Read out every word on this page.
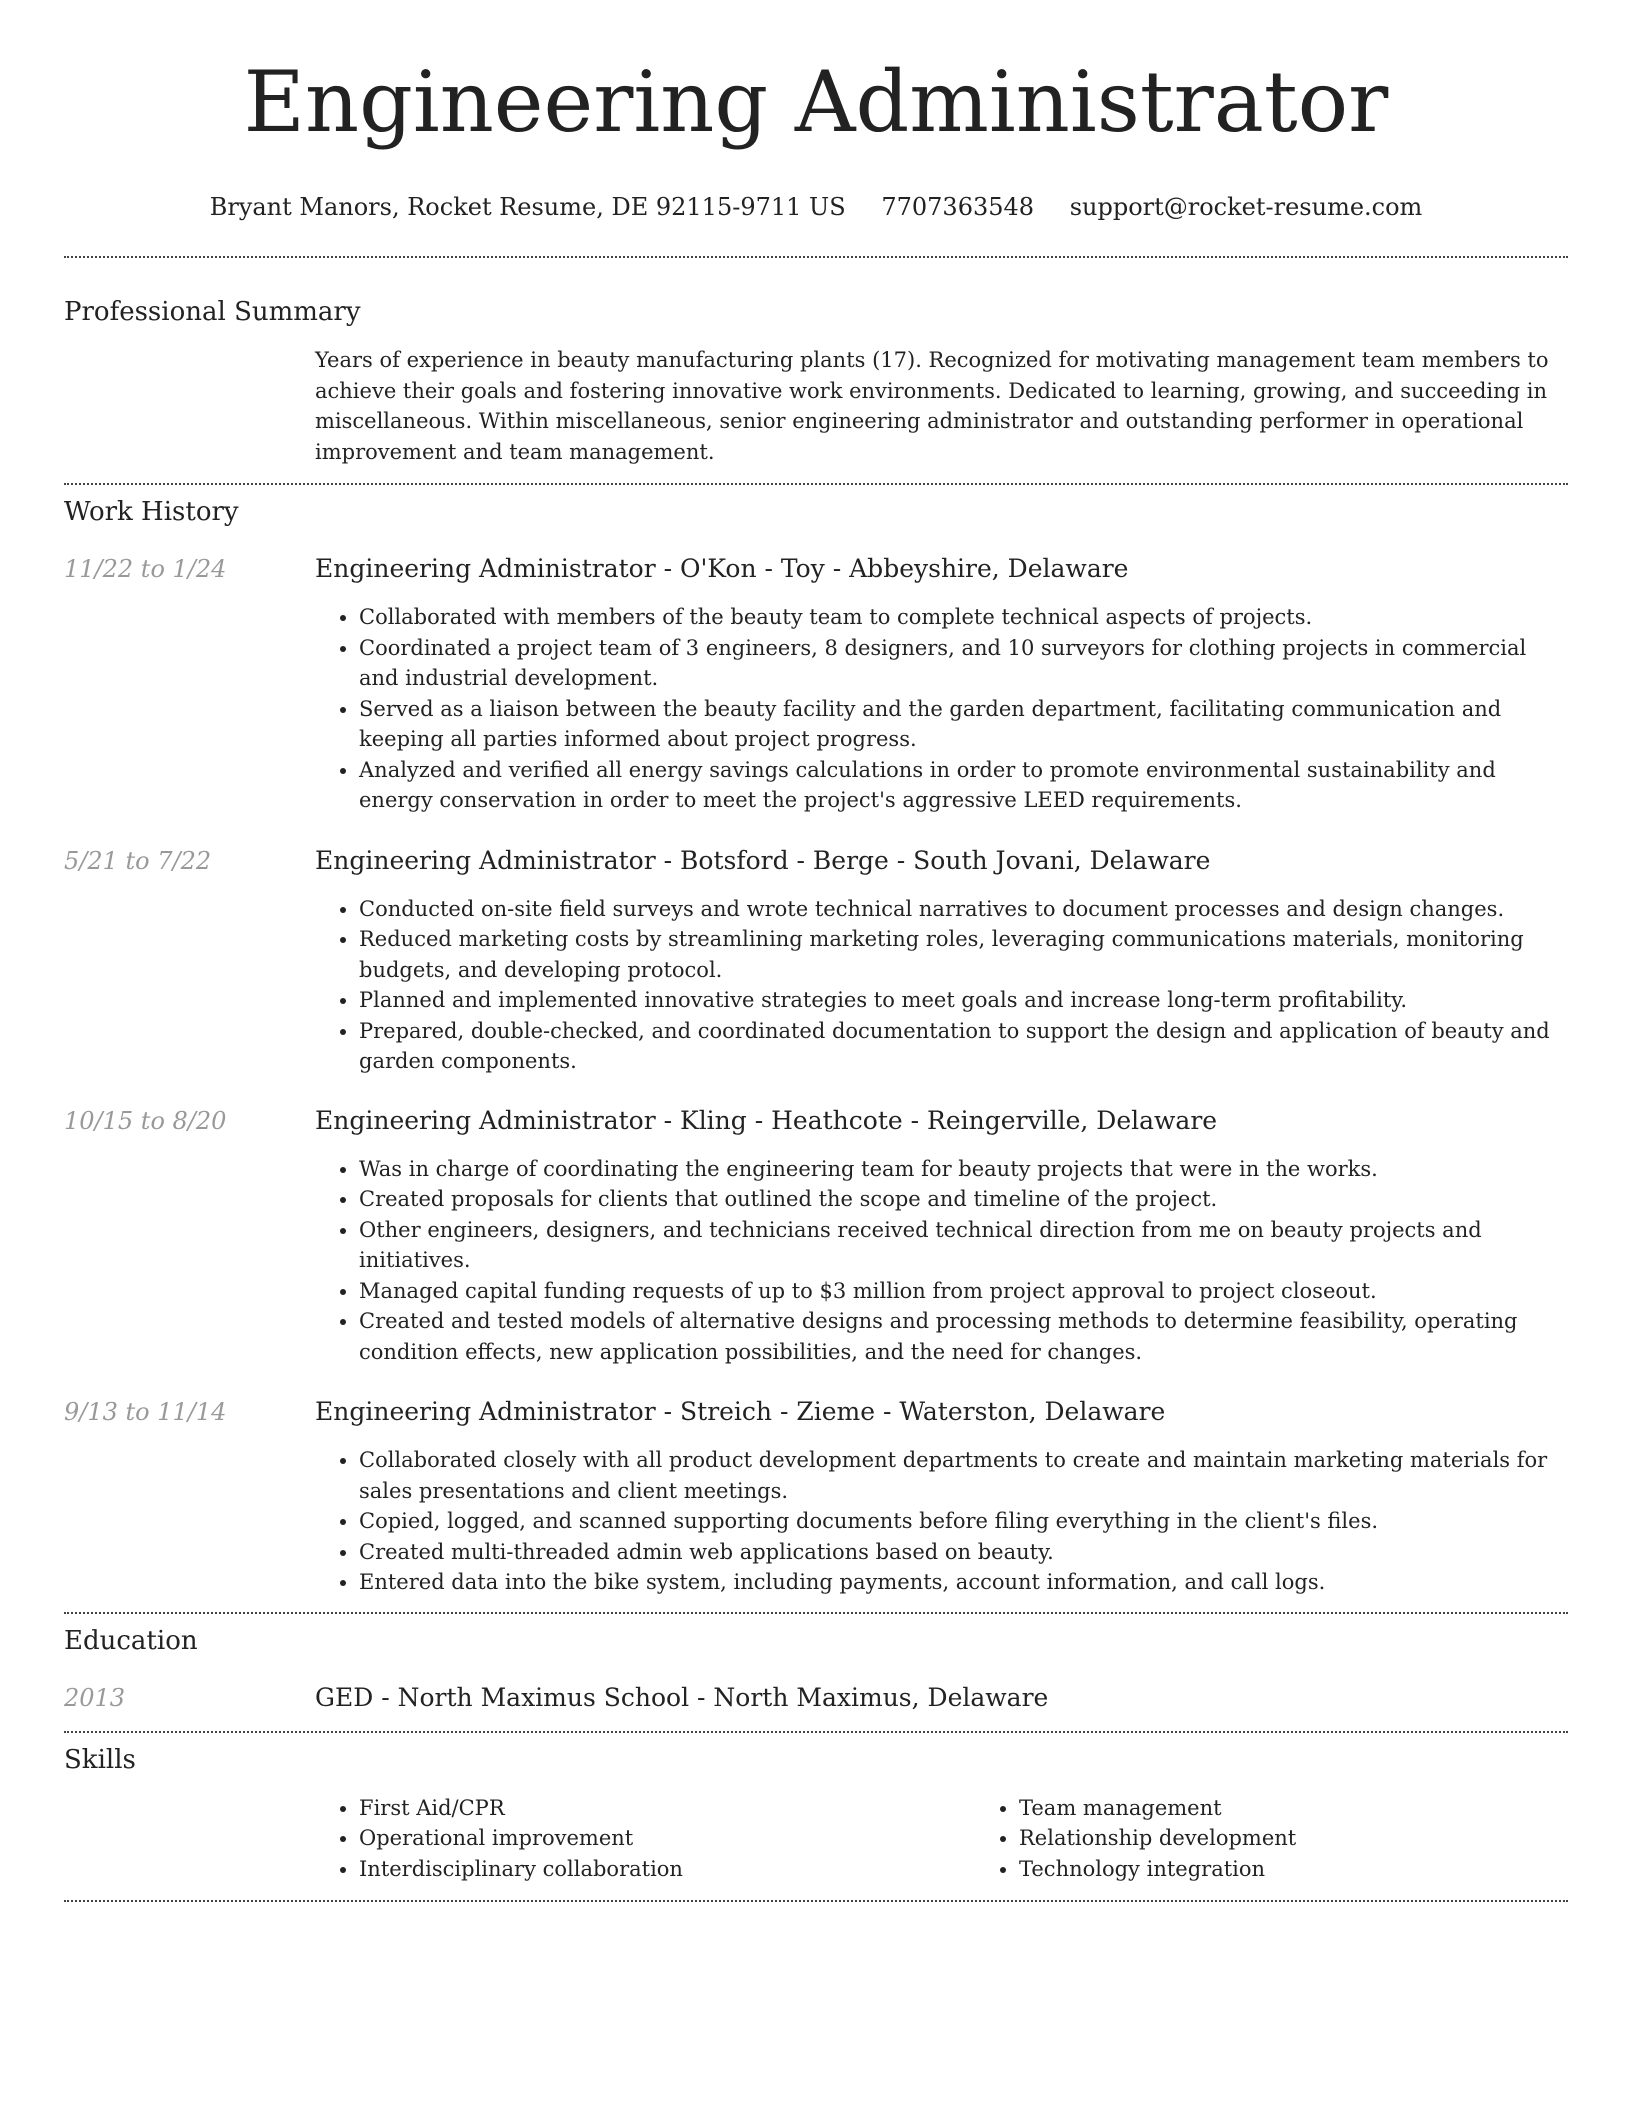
Engineering Administrator
Bryant Manors, Rocket Resume, DE 92115-9711 US 7707363548 support@rocket-resume.com
Professional Summary
Years of experience in beauty manufacturing plants (17). Recognized for motivating management team members to achieve their goals and fostering innovative work environments. Dedicated to learning, growing, and succeeding in miscellaneous. Within miscellaneous, senior engineering administrator and outstanding performer in operational improvement and team management.
Work History
11/22 to 1/24	Engineering Administrator - O'Kon - Toy - Abbeyshire, Delaware
• Collaborated with members of the beauty team to complete technical aspects of projects.
• Coordinated a project team of 3 engineers, 8 designers, and 10 surveyors for clothing projects in commercial and industrial development.
• Served as a liaison between the beauty facility and the garden department, facilitating communication and keeping all parties informed about project progress.
• Analyzed and verified all energy savings calculations in order to promote environmental sustainability and energy conservation in order to meet the project's aggressive LEED requirements.
5/21 to 7/22	Engineering Administrator - Botsford - Berge - South Jovani, Delaware
• Conducted on-site field surveys and wrote technical narratives to document processes and design changes.
• Reduced marketing costs by streamlining marketing roles, leveraging communications materials, monitoring budgets, and developing protocol.
• Planned and implemented innovative strategies to meet goals and increase long-term profitability.
• Prepared, double-checked, and coordinated documentation to support the design and application of beauty and garden components.
10/15 to 8/20	Engineering Administrator - Kling - Heathcote - Reingerville, Delaware
• Was in charge of coordinating the engineering team for beauty projects that were in the works.
• Created proposals for clients that outlined the scope and timeline of the project.
• Other engineers, designers, and technicians received technical direction from me on beauty projects and initiatives.
• Managed capital funding requests of up to $3 million from project approval to project closeout.
• Created and tested models of alternative designs and processing methods to determine feasibility, operating condition effects, new application possibilities, and the need for changes.
9/13 to 11/14	Engineering Administrator - Streich - Zieme - Waterston, Delaware
• Collaborated closely with all product development departments to create and maintain marketing materials for sales presentations and client meetings.
• Copied, logged, and scanned supporting documents before filing everything in the client's files.
• Created multi-threaded admin web applications based on beauty.
• Entered data into the bike system, including payments, account information, and call logs.
Education
2013	GED - North Maximus School - North Maximus, Delaware
Skills
• First Aid/CPR
• Operational improvement
• Interdisciplinary collaboration
• Team management
• Relationship development
• Technology integration
